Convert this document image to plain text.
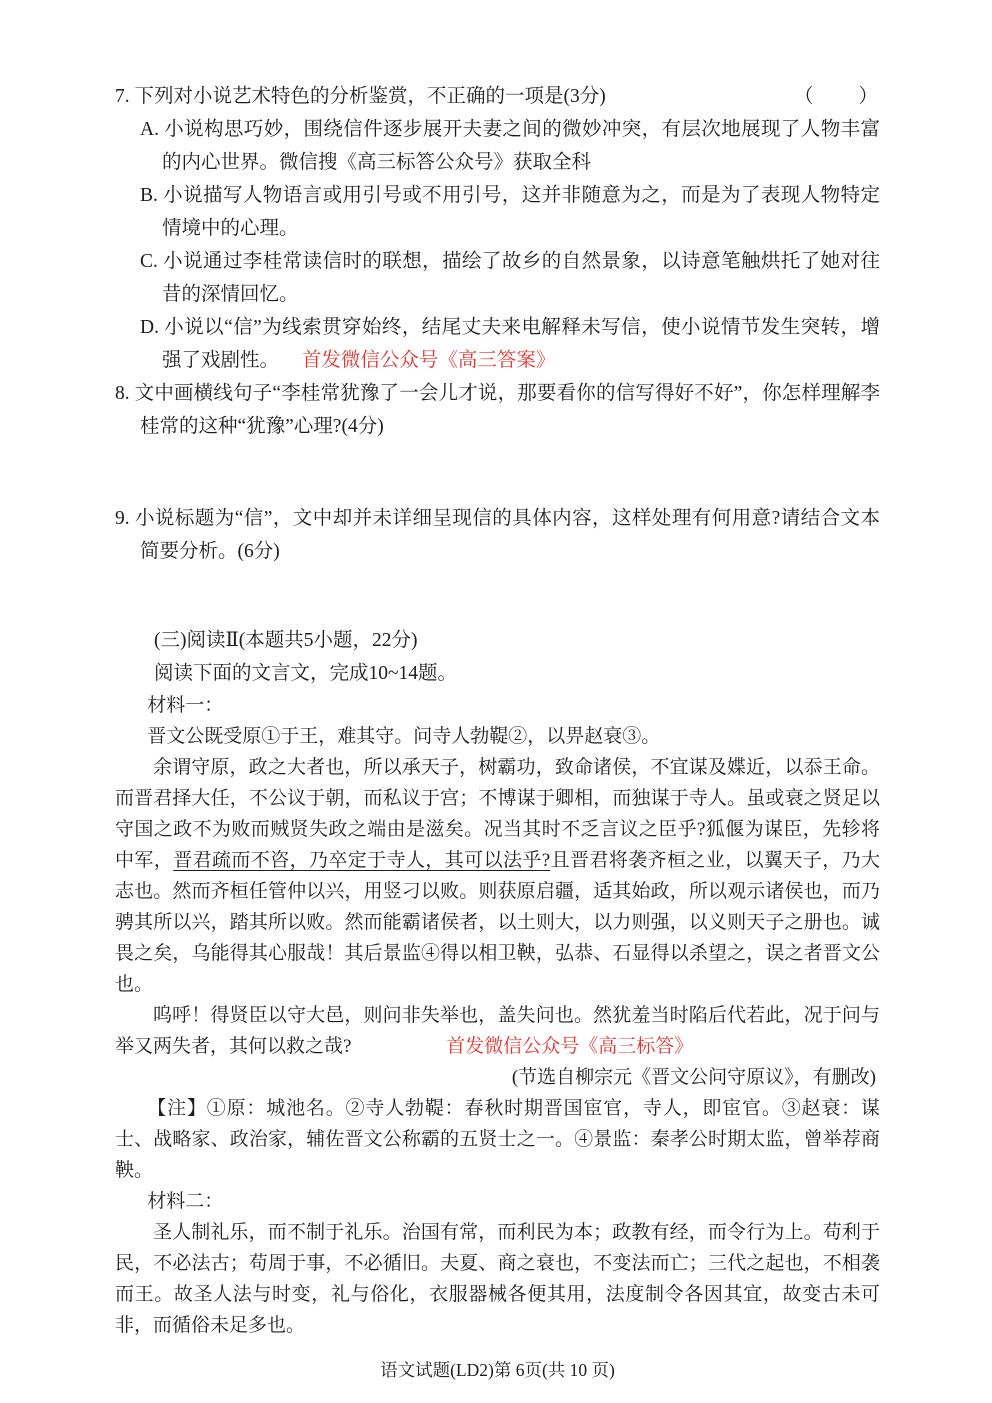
7. 下列对小说艺术特色的分析鉴赏，不正确的一项是(3分)	（　　）

A. 小说构思巧妙，围绕信件逐步展开夫妻之间的微妙冲突，有层次地展现了人物丰富的内心世界。微信搜《高三标答公众号》获取全科

B. 小说描写人物语言或用引号或不用引号，这并非随意为之，而是为了表现人物特定情境中的心理。

C. 小说通过李桂常读信时的联想，描绘了故乡的自然景象，以诗意笔触烘托了她对往昔的深情回忆。

D. 小说以“信”为线索贯穿始终，结尾丈夫来电解释未写信，使小说情节发生突转，增强了戏剧性。 首发微信公众号《高三答案》

8. 文中画横线句子“李桂常犹豫了一会儿才说，那要看你的信写得好不好”，你怎样理解李桂常的这种“犹豫”心理?(4分)

9. 小说标题为“信”，文中却并未详细呈现信的具体内容，这样处理有何用意?请结合文本简要分析。(6分)

(三)阅读Ⅱ(本题共5小题，22分)

阅读下面的文言文，完成10~14题。

材料一：

晋文公既受原①于王，难其守。问寺人勃鞮②，以畀赵衰③。

余谓守原，政之大者也，所以承天子，树霸功，致命诸侯，不宜谋及媟近，以忝王命。而晋君择大任，不公议于朝，而私议于宫；不博谋于卿相，而独谋于寺人。虽或衰之贤足以守国之政不为败而贼贤失政之端由是滋矣。况当其时不乏言议之臣乎?狐偃为谋臣，先轸将中军，晋君疏而不咨，乃卒定于寺人，其可以法乎?且晋君将袭齐桓之业，以翼天子，乃大志也。然而齐桓任管仲以兴，用竖刁以败。则获原启疆，适其始政，所以观示诸侯也，而乃骋其所以兴，踏其所以败。然而能霸诸侯者，以土则大，以力则强，以义则天子之册也。诚畏之矣，乌能得其心服哉！其后景监④得以相卫鞅，弘恭、石显得以杀望之，误之者晋文公也。

呜呼！得贤臣以守大邑，则问非失举也，盖失问也。然犹羞当时陷后代若此，况于问与举又两失者，其何以救之哉?	首发微信公众号《高三标答》

(节选自柳宗元《晋文公问守原议》，有删改)

【注】①原：城池名。②寺人勃鞮：春秋时期晋国宦官，寺人，即宦官。③赵衰：谋士、战略家、政治家，辅佐晋文公称霸的五贤士之一。④景监：秦孝公时期太监，曾举荐商鞅。

材料二：

圣人制礼乐，而不制于礼乐。治国有常，而利民为本；政教有经，而令行为上。苟利于民，不必法古；苟周于事，不必循旧。夫夏、商之衰也，不变法而亡；三代之起也，不相袭而王。故圣人法与时变，礼与俗化，衣服器械各便其用，法度制令各因其宜，故变古未可非，而循俗未足多也。

语文试题(LD2)第 6页(共 10 页)
